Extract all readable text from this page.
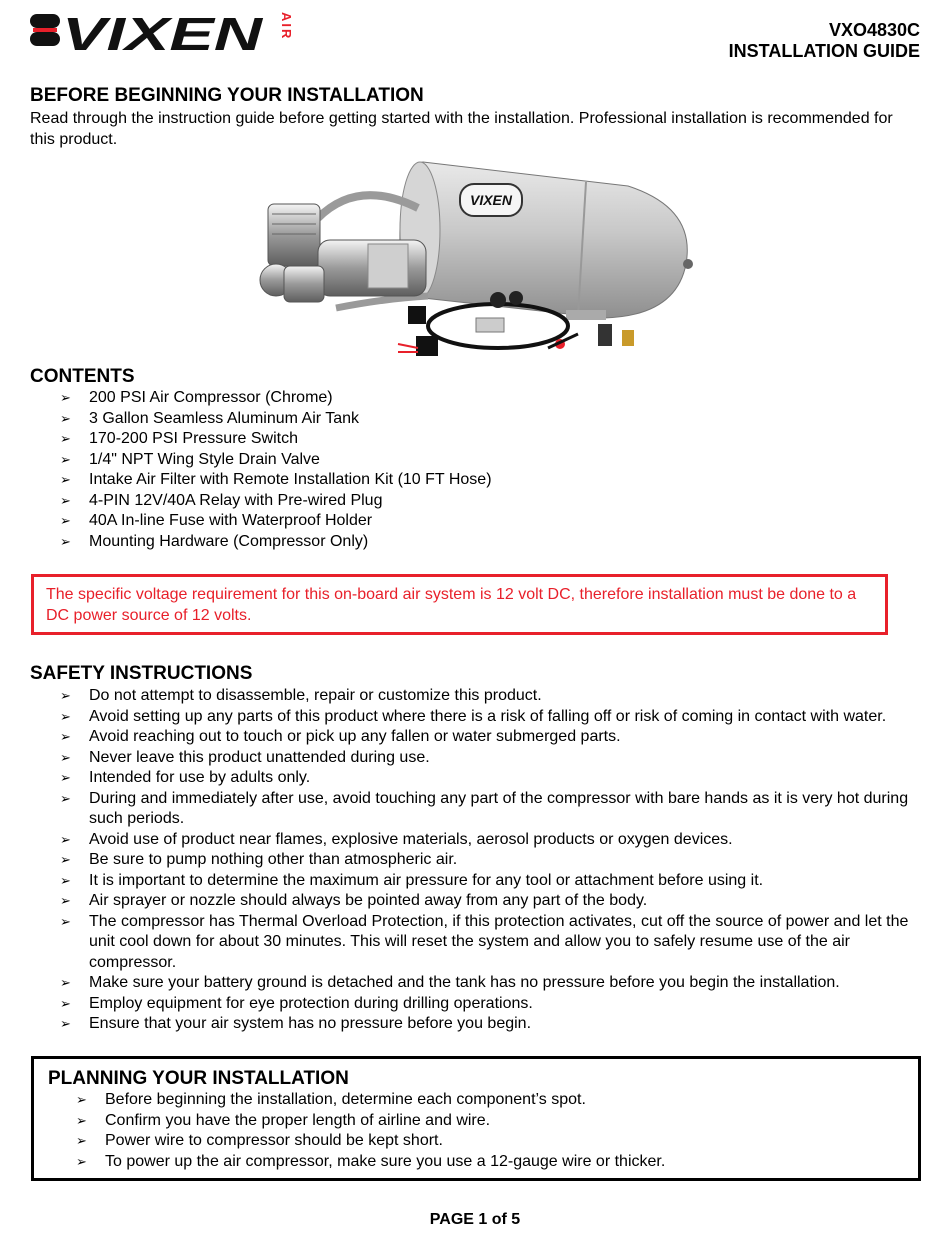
VIXEN AIR	VXO4830C
INSTALLATION GUIDE
BEFORE BEGINNING YOUR INSTALLATION
Read through the instruction guide before getting started with the installation. Professional installation is recommended for this product.
VIXEN
CONTENTS
➢ 200 PSI Air Compressor (Chrome)
➢ 3 Gallon Seamless Aluminum Air Tank
➢ 170-200 PSI Pressure Switch
➢ 1/4" NPT Wing Style Drain Valve
➢ Intake Air Filter with Remote Installation Kit (10 FT Hose)
➢ 4-PIN 12V/40A Relay with Pre-wired Plug
➢ 40A In-line Fuse with Waterproof Holder
➢ Mounting Hardware (Compressor Only)
The specific voltage requirement for this on-board air system is 12 volt DC, therefore installation must be done to a DC power source of 12 volts.
SAFETY INSTRUCTIONS
➢ Do not attempt to disassemble, repair or customize this product.
➢ Avoid setting up any parts of this product where there is a risk of falling off or risk of coming in contact with water.
➢ Avoid reaching out to touch or pick up any fallen or water submerged parts.
➢ Never leave this product unattended during use.
➢ Intended for use by adults only.
➢ During and immediately after use, avoid touching any part of the compressor with bare hands as it is very hot during such periods.
➢ Avoid use of product near flames, explosive materials, aerosol products or oxygen devices.
➢ Be sure to pump nothing other than atmospheric air.
➢ It is important to determine the maximum air pressure for any tool or attachment before using it.
➢ Air sprayer or nozzle should always be pointed away from any part of the body.
➢ The compressor has Thermal Overload Protection, if this protection activates, cut off the source of power and let the unit cool down for about 30 minutes. This will reset the system and allow you to safely resume use of the air compressor.
➢ Make sure your battery ground is detached and the tank has no pressure before you begin the installation.
➢ Employ equipment for eye protection during drilling operations.
➢ Ensure that your air system has no pressure before you begin.
PLANNING YOUR INSTALLATION
➢ Before beginning the installation, determine each component’s spot.
➢ Confirm you have the proper length of airline and wire.
➢ Power wire to compressor should be kept short.
➢ To power up the air compressor, make sure you use a 12-gauge wire or thicker.
PAGE 1 of 5
